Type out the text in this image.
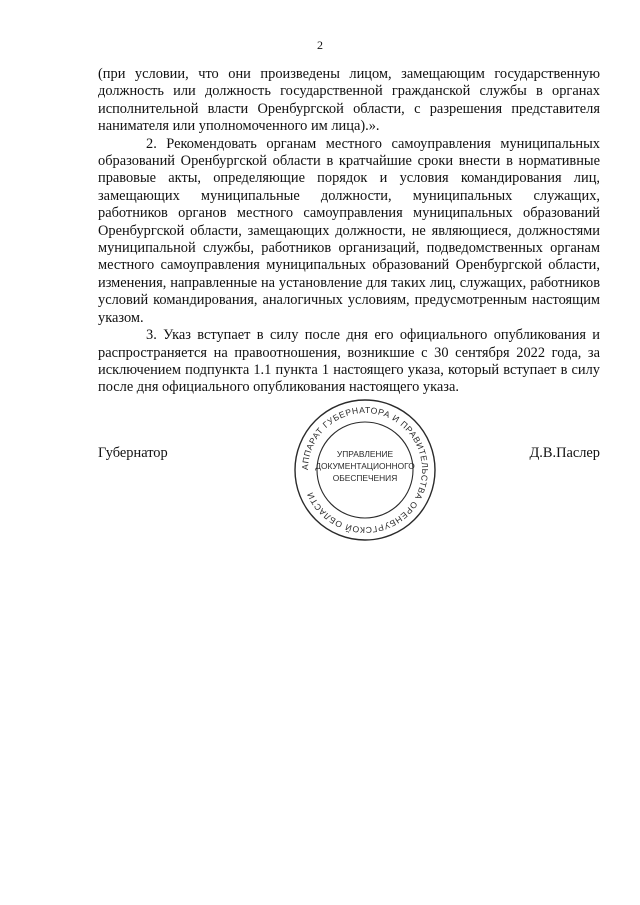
2

(при условии, что они произведены лицом, замещающим государственную должность или должность государственной гражданской службы в органах исполнительной власти Оренбургской области, с разрешения представителя нанимателя или уполномоченного им лица).».

2. Рекомендовать органам местного самоуправления муниципальных образований Оренбургской области в кратчайшие сроки внести в нормативные правовые акты, определяющие порядок и условия командирования лиц, замещающих муниципальные должности, муниципальных служащих, работников органов местного самоуправления муниципальных образований Оренбургской области, замещающих должности, не являющиеся, должностями муниципальной службы, работников организаций, подведомственных органам местного самоуправления муниципальных образований Оренбургской области, изменения, направленные на установление для таких лиц, служащих, работников условий командирования, аналогичных условиям, предусмотренным настоящим указом.

3. Указ вступает в силу после дня его официального опубликования и распространяется на правоотношения, возникшие с 30 сентября 2022 года, за исключением подпункта 1.1 пункта 1 настоящего указа, который вступает в силу после дня официального опубликования настоящего указа.

Губернатор	Д.В.Паслер
АППАРАТ ГУБЕРНАТОРА И ПРАВИТЕЛЬСТВА ОРЕНБУРГСКОЙ ОБЛАСТИ
УПРАВЛЕНИЕ
ДОКУМЕНТАЦИОННОГО
ОБЕСПЕЧЕНИЯ
